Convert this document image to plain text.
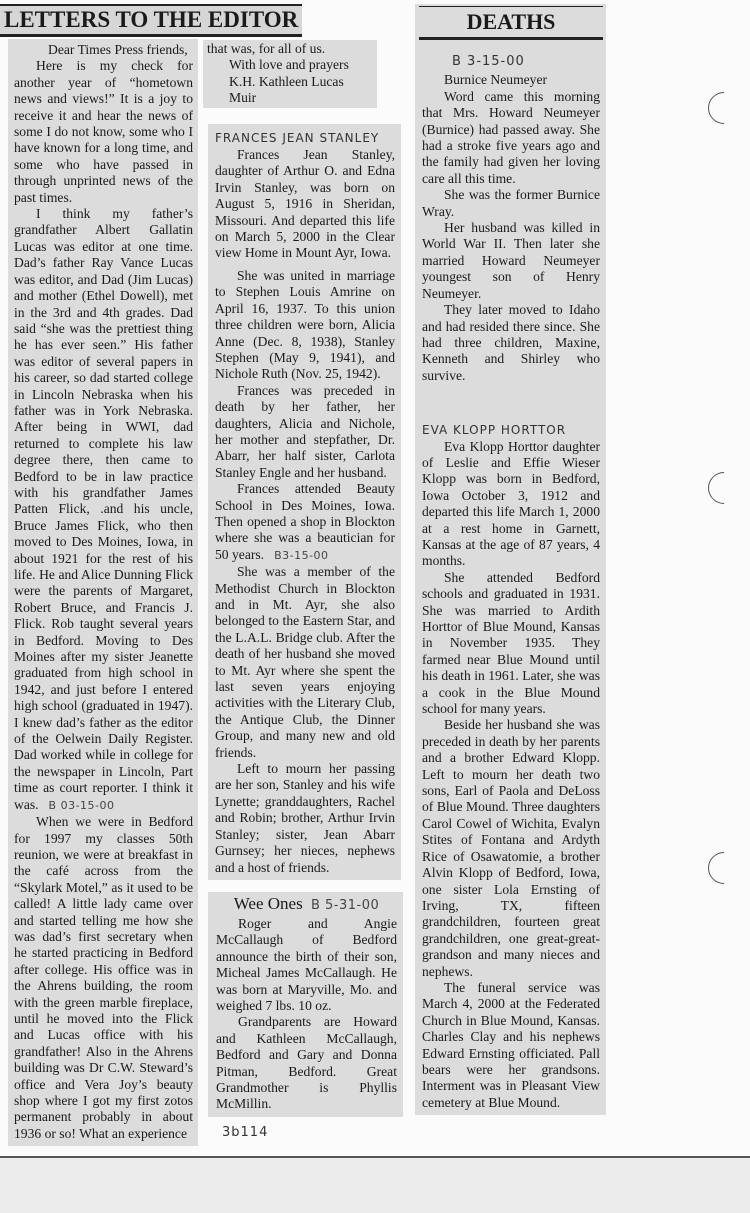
LETTERS TO THE EDITOR

Dear Times Press friends,

Here is my check for another year of “hometown news and views!” It is a joy to receive it and hear the news of some I do not know, some who I have known for a long time, and some who have passed in through unprinted news of the past times.

I think my father’s grandfather Albert Gallatin Lucas was editor at one time. Dad’s father Ray Vance Lucas was editor, and Dad (Jim Lucas) and mother (Ethel Dowell), met in the 3rd and 4th grades. Dad said “she was the prettiest thing he has ever seen.” His father was editor of several papers in his career, so dad started college in Lincoln Nebraska when his father was in York Nebraska. After being in WWI, dad returned to complete his law degree there, then came to Bedford to be in law practice with his grandfather James Patten Flick, .and his uncle, Bruce James Flick, who then moved to Des Moines, Iowa, in about 1921 for the rest of his life. He and Alice Dunning Flick were the parents of Margaret, Robert Bruce, and Francis J. Flick. Rob taught several years in Bedford. Moving to Des Moines after my sister Jeanette graduated from high school in 1942, and just before I entered high school (graduated in 1947). I knew dad’s father as the editor of the Oelwein Daily Register. Dad worked while in college for the newspaper in Lincoln, Part time as court reporter. I think it was. B 03-15-00

When we were in Bedford for 1997 my classes 50th reunion, we were at breakfast in the café across from the “Skylark Motel,” as it used to be called! A little lady came over and started telling me how she was dad’s first secretary when he started practicing in Bedford after college. His office was in the Ahrens building, the room with the green marble fireplace, until he moved into the Flick and Lucas office with his grandfather! Also in the Ahrens building was Dr C.W. Steward’s office and Vera Joy’s beauty shop where I got my first zotos permanent probably in about 1936 or so! What an experience

that was, for all of us.
With love and prayers
K.H. Kathleen Lucas Muir
FRANCES JEAN STANLEY

Frances Jean Stanley, daughter of Arthur O. and Edna Irvin Stanley, was born on August 5, 1916 in Sheridan, Missouri. And departed this life on March 5, 2000 in the Clear view Home in Mount Ayr, Iowa.

She was united in marriage to Stephen Louis Amrine on April 16, 1937. To this union three children were born, Alicia Anne (Dec. 8, 1938), Stanley Stephen (May 9, 1941), and Nichole Ruth (Nov. 25, 1942).

Frances was preceded in death by her father, her daughters, Alicia and Nichole, her mother and stepfather, Dr. Abarr, her half sister, Carlota Stanley Engle and her husband.

Frances attended Beauty School in Des Moines, Iowa. Then opened a shop in Blockton where she was a beautician for 50 years. B3-15-00

She was a member of the Methodist Church in Blockton and in Mt. Ayr, she also belonged to the Eastern Star, and the L.A.L. Bridge club. After the death of her husband she moved to Mt. Ayr where she spent the last seven years enjoying activities with the Literary Club, the Antique Club, the Dinner Group, and many new and old friends.

Left to mourn her passing are her son, Stanley and his wife Lynette; granddaughters, Rachel and Robin; brother, Arthur Irvin Stanley; sister, Jean Abarr Gurnsey; her nieces, nephews and a host of friends.

Wee Ones B 5-31-00

Roger and Angie McCallaugh of Bedford announce the birth of their son, Micheal James McCallaugh. He was born at Maryville, Mo. and weighed 7 lbs. 10 oz.

Grandparents are Howard and Kathleen McCallaugh, Bedford and Gary and Donna Pitman, Bedford. Great Grandmother is Phyllis McMillin.

3b114
DEATHS
B 3-15-00
Burnice Neumeyer

Word came this morning that Mrs. Howard Neumeyer (Burnice) had passed away. She had a stroke five years ago and the family had given her loving care all this time.

She was the former Burnice Wray.

Her husband was killed in World War II. Then later she married Howard Neumeyer youngest son of Henry Neumeyer.

They later moved to Idaho and had resided there since. She had three children, Maxine, Kenneth and Shirley who survive.

EVA KLOPP HORTTOR

Eva Klopp Horttor daughter of Leslie and Effie Wieser Klopp was born in Bedford, Iowa October 3, 1912 and departed this life March 1, 2000 at a rest home in Garnett, Kansas at the age of 87 years, 4 months.

She attended Bedford schools and graduated in 1931. She was married to Ardith Horttor of Blue Mound, Kansas in November 1935. They farmed near Blue Mound until his death in 1961. Later, she was a cook in the Blue Mound school for many years.

Beside her husband she was preceded in death by her parents and a brother Edward Klopp. Left to mourn her death two sons, Earl of Paola and DeLoss of Blue Mound. Three daughters Carol Cowel of Wichita, Evalyn Stites of Fontana and Ardyth Rice of Osawatomie, a brother Alvin Klopp of Bedford, Iowa, one sister Lola Ernsting of Irving, TX, fifteen grandchildren, fourteen great grandchildren, one great-great-grandson and many nieces and nephews.

The funeral service was March 4, 2000 at the Federated Church in Blue Mound, Kansas. Charles Clay and his nephews Edward Ernsting officiated. Pall bears were her grandsons. Interment was in Pleasant View cemetery at Blue Mound.
